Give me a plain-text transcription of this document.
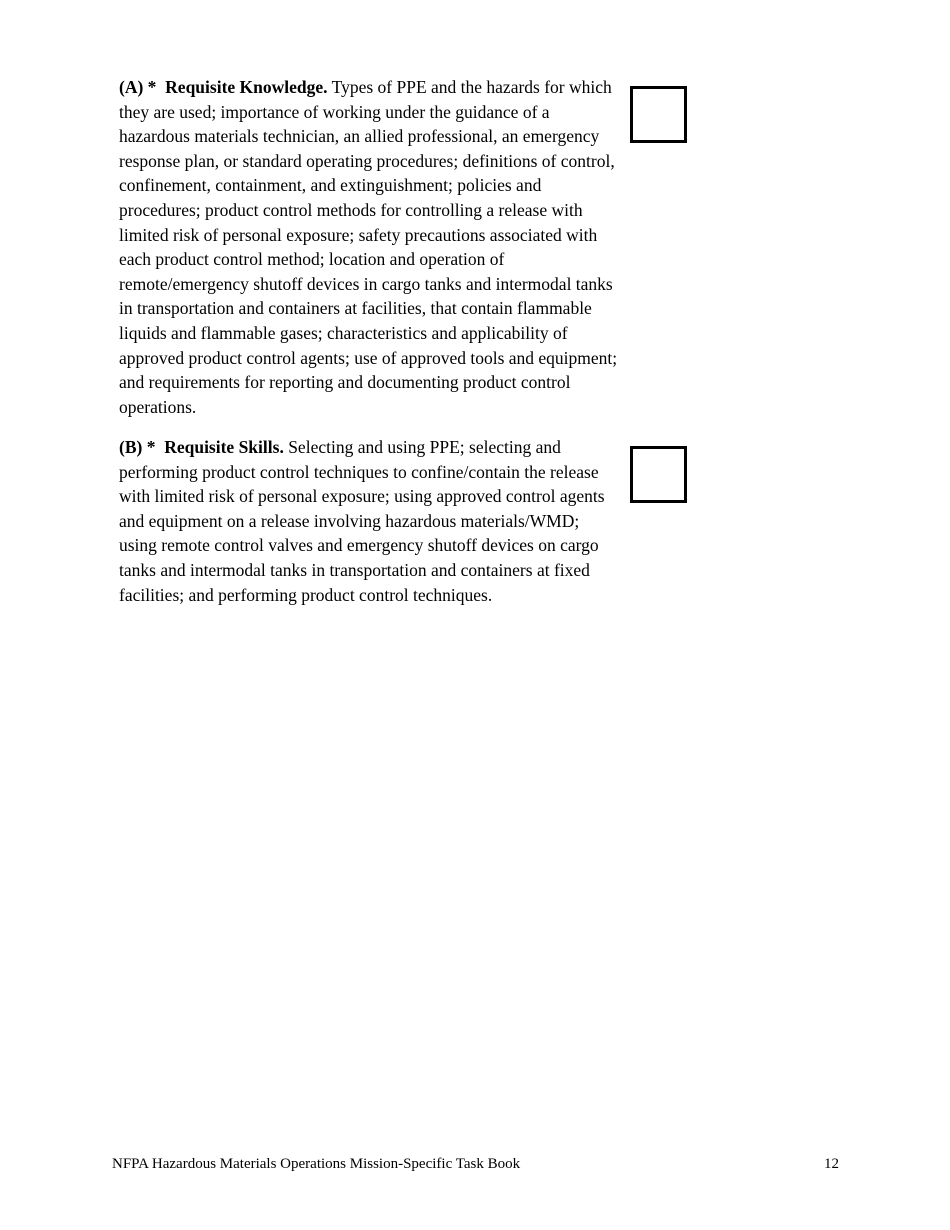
(A) * Requisite Knowledge. Types of PPE and the hazards for which they are used; importance of working under the guidance of a hazardous materials technician, an allied professional, an emergency response plan, or standard operating procedures; definitions of control, confinement, containment, and extinguishment; policies and procedures; product control methods for controlling a release with limited risk of personal exposure; safety precautions associated with each product control method; location and operation of remote/emergency shutoff devices in cargo tanks and intermodal tanks in transportation and containers at facilities, that contain flammable liquids and flammable gases; characteristics and applicability of approved product control agents; use of approved tools and equipment; and requirements for reporting and documenting product control operations.
(B) * Requisite Skills. Selecting and using PPE; selecting and performing product control techniques to confine/contain the release with limited risk of personal exposure; using approved control agents and equipment on a release involving hazardous materials/WMD; using remote control valves and emergency shutoff devices on cargo tanks and intermodal tanks in transportation and containers at fixed facilities; and performing product control techniques.
NFPA Hazardous Materials Operations Mission-Specific Task Book	12
